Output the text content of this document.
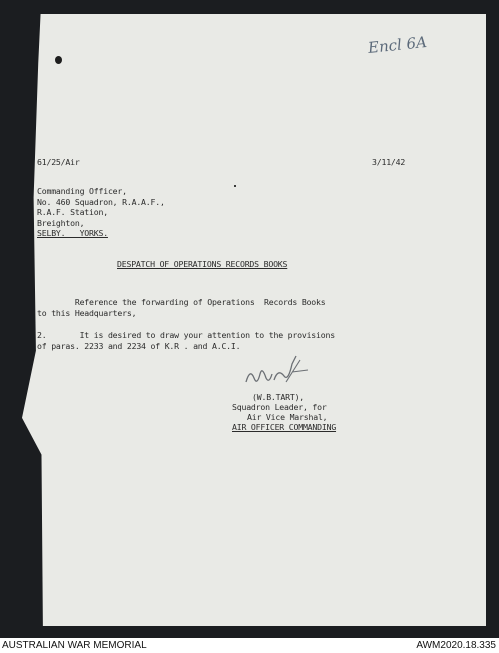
Encl 6A
61/25/Air	3/11/42
Commanding Officer,
No. 460 Squadron, R.A.A.F.,
R.A.F. Station,
Breighton,
SELBY.   YORKS.
DESPATCH OF OPERATIONS RECORDS BOOKS
Reference the forwarding of Operations  Records Books
to this Headquarters,
2.       It is desired to draw your attention to the provisions
of paras. 2233 and 2234 of K.R . and A.C.I.
(W.B.TART),
Squadron Leader, for
Air Vice Marshal,
AIR OFFICER COMMANDING
AUSTRALIAN WAR MEMORIAL	AWM2020.18.335
